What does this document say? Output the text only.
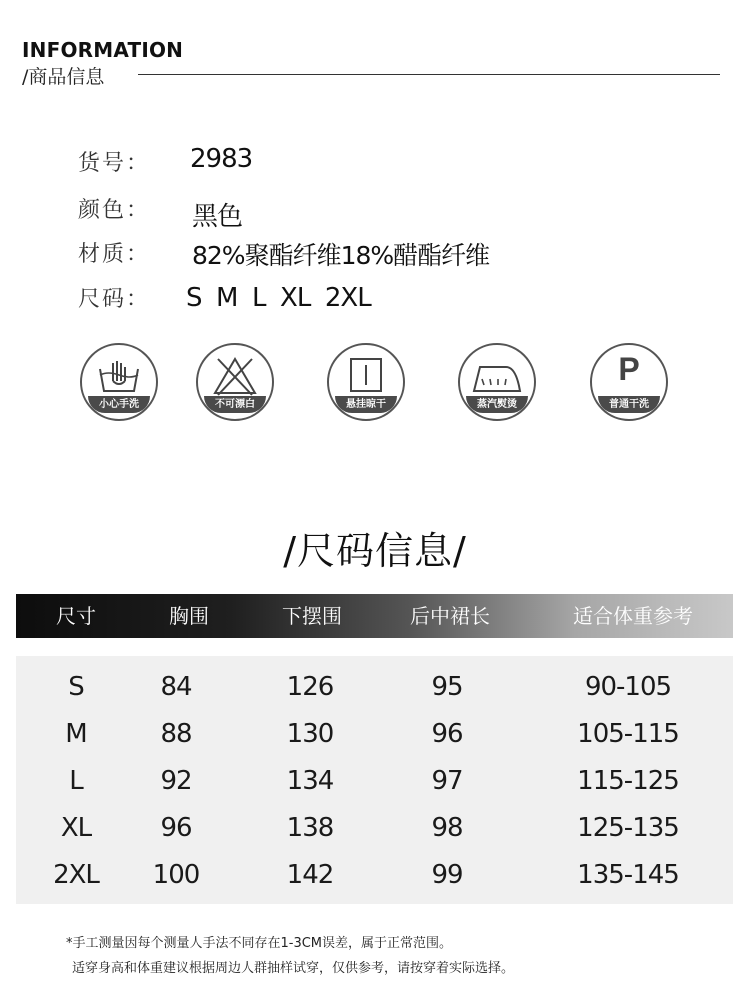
INFORMATION
/商品信息
货号： 2983
颜色： 黑色
材质： 82%聚酯纤维18%醋酯纤维
尺码： S  M  L  XL  2XL
小心手洗	不可漂白	悬挂晾干	蒸汽熨烫
P
普通干洗
/尺码信息/
尺寸	胸围	下摆围	后中裙长	适合体重参考
S	84	126	95	90-105
M	88	130	96	105-115
L	92	134	97	115-125
XL	96	138	98	125-135
2XL 100	142	99	135-145
*手工测量因每个测量人手法不同存在1-3CM误差，属于正常范围。
适穿身高和体重建议根据周边人群抽样试穿，仅供参考，请按穿着实际选择。
